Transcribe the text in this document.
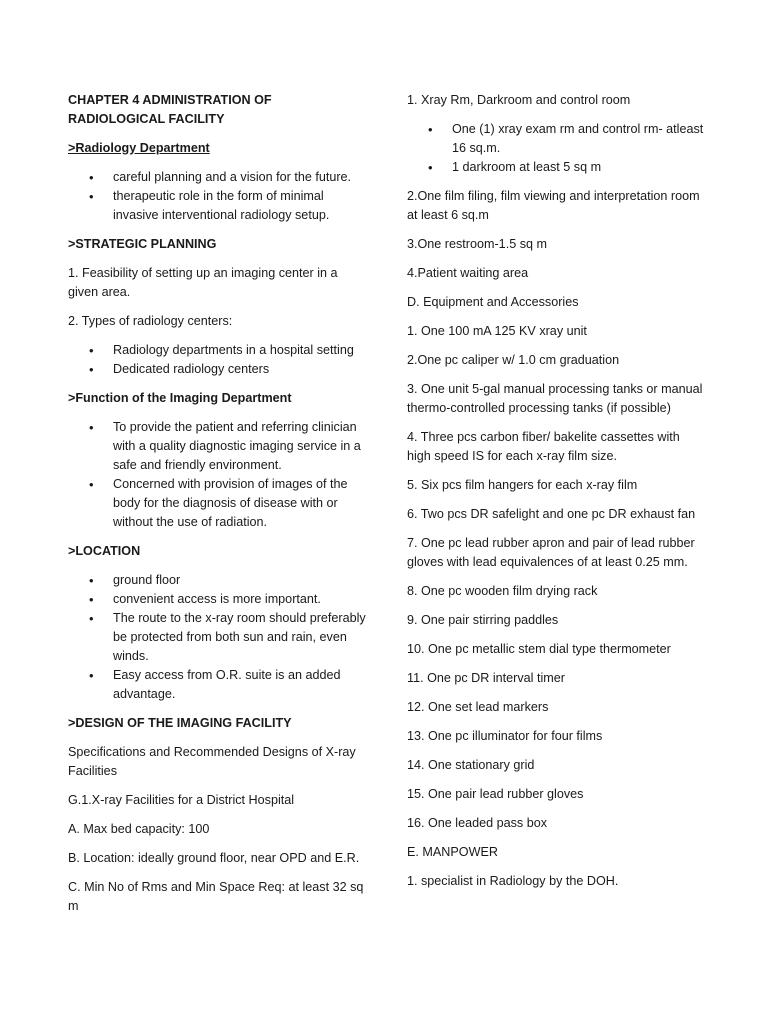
CHAPTER 4 ADMINISTRATION OF RADIOLOGICAL FACILITY

>Radiology Department

• careful planning and a vision for the future.
• therapeutic role in the form of minimal invasive interventional radiology setup.

>STRATEGIC PLANNING

1. Feasibility of setting up an imaging center in a given area.

2. Types of radiology centers:

• Radiology departments in a hospital setting
• Dedicated radiology centers

>Function of the Imaging Department

• To provide the patient and referring clinician with a quality diagnostic imaging service in a safe and friendly environment.
• Concerned with provision of images of the body for the diagnosis of disease with or without the use of radiation.

>LOCATION

• ground floor
• convenient access is more important.
• The route to the x-ray room should preferably be protected from both sun and rain, even winds.
• Easy access from O.R. suite is an added advantage.

>DESIGN OF THE IMAGING FACILITY

Specifications and Recommended Designs of X-ray Facilities

G.1.X-ray Facilities for a District Hospital

A. Max bed capacity: 100

B. Location: ideally ground floor, near OPD and E.R.

C. Min No of Rms and Min Space Req: at least 32 sq m

1. Xray Rm, Darkroom and control room

• One (1) xray exam rm and control rm- atleast 16 sq.m.
• 1 darkroom at least 5 sq m

2.One film filing, film viewing and interpretation room at least 6 sq.m

3.One restroom-1.5 sq m

4.Patient waiting area

D. Equipment and Accessories

1. One 100 mA 125 KV xray unit

2.One pc caliper w/ 1.0 cm graduation

3. One unit 5-gal manual processing tanks or manual thermo-controlled processing tanks (if possible)

4. Three pcs carbon fiber/ bakelite cassettes with high speed IS for each x-ray film size.

5. Six pcs film hangers for each x-ray film

6. Two pcs DR safelight and one pc DR exhaust fan

7. One pc lead rubber apron and pair of lead rubber gloves with lead equivalences of at least 0.25 mm.

8. One pc wooden film drying rack

9. One pair stirring paddles

10. One pc metallic stem dial type thermometer

11. One pc DR interval timer

12. One set lead markers

13. One pc illuminator for four films

14. One stationary grid

15. One pair lead rubber gloves

16. One leaded pass box

E. MANPOWER

1. specialist in Radiology by the DOH.
